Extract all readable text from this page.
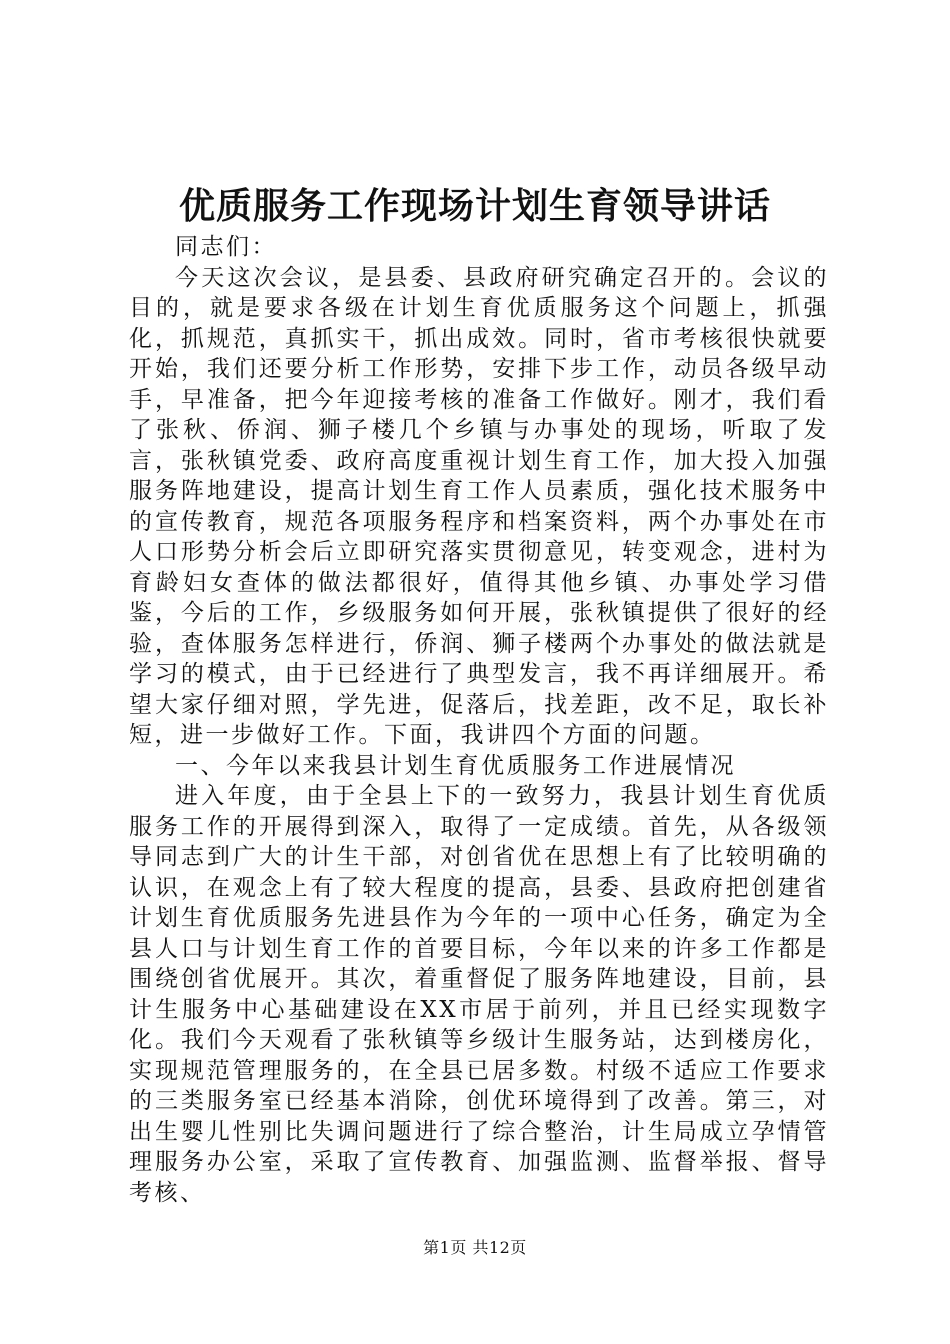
优质服务工作现场计划生育领导讲话

同志们：

今天这次会议，是县委、县政府研究确定召开的。会议的目的，就是要求各级在计划生育优质服务这个问题上，抓强化，抓规范，真抓实干，抓出成效。同时，省市考核很快就要开始，我们还要分析工作形势，安排下步工作，动员各级早动手，早准备，把今年迎接考核的准备工作做好。刚才，我们看了张秋、侨润、狮子楼几个乡镇与办事处的现场，听取了发言，张秋镇党委、政府高度重视计划生育工作，加大投入加强服务阵地建设，提高计划生育工作人员素质，强化技术服务中的宣传教育，规范各项服务程序和档案资料，两个办事处在市人口形势分析会后立即研究落实贯彻意见，转变观念，进村为育龄妇女查体的做法都很好，值得其他乡镇、办事处学习借鉴，今后的工作，乡级服务如何开展，张秋镇提供了很好的经验，查体服务怎样进行，侨润、狮子楼两个办事处的做法就是学习的模式，由于已经进行了典型发言，我不再详细展开。希望大家仔细对照，学先进，促落后，找差距，改不足，取长补短，进一步做好工作。下面，我讲四个方面的问题。

一、今年以来我县计划生育优质服务工作进展情况

进入年度，由于全县上下的一致努力，我县计划生育优质服务工作的开展得到深入，取得了一定成绩。首先，从各级领导同志到广大的计生干部，对创省优在思想上有了比较明确的认识，在观念上有了较大程度的提高，县委、县政府把创建省计划生育优质服务先进县作为今年的一项中心任务，确定为全县人口与计划生育工作的首要目标，今年以来的许多工作都是围绕创省优展开。其次，着重督促了服务阵地建设，目前，县计生服务中心基础建设在XX市居于前列，并且已经实现数字化。我们今天观看了张秋镇等乡级计生服务站，达到楼房化，实现规范管理服务的，在全县已居多数。村级不适应工作要求的三类服务室已经基本消除，创优环境得到了改善。第三，对出生婴儿性别比失调问题进行了综合整治，计生局成立孕情管理服务办公室，采取了宣传教育、加强监测、监督举报、督导考核、

第1页 共12页
